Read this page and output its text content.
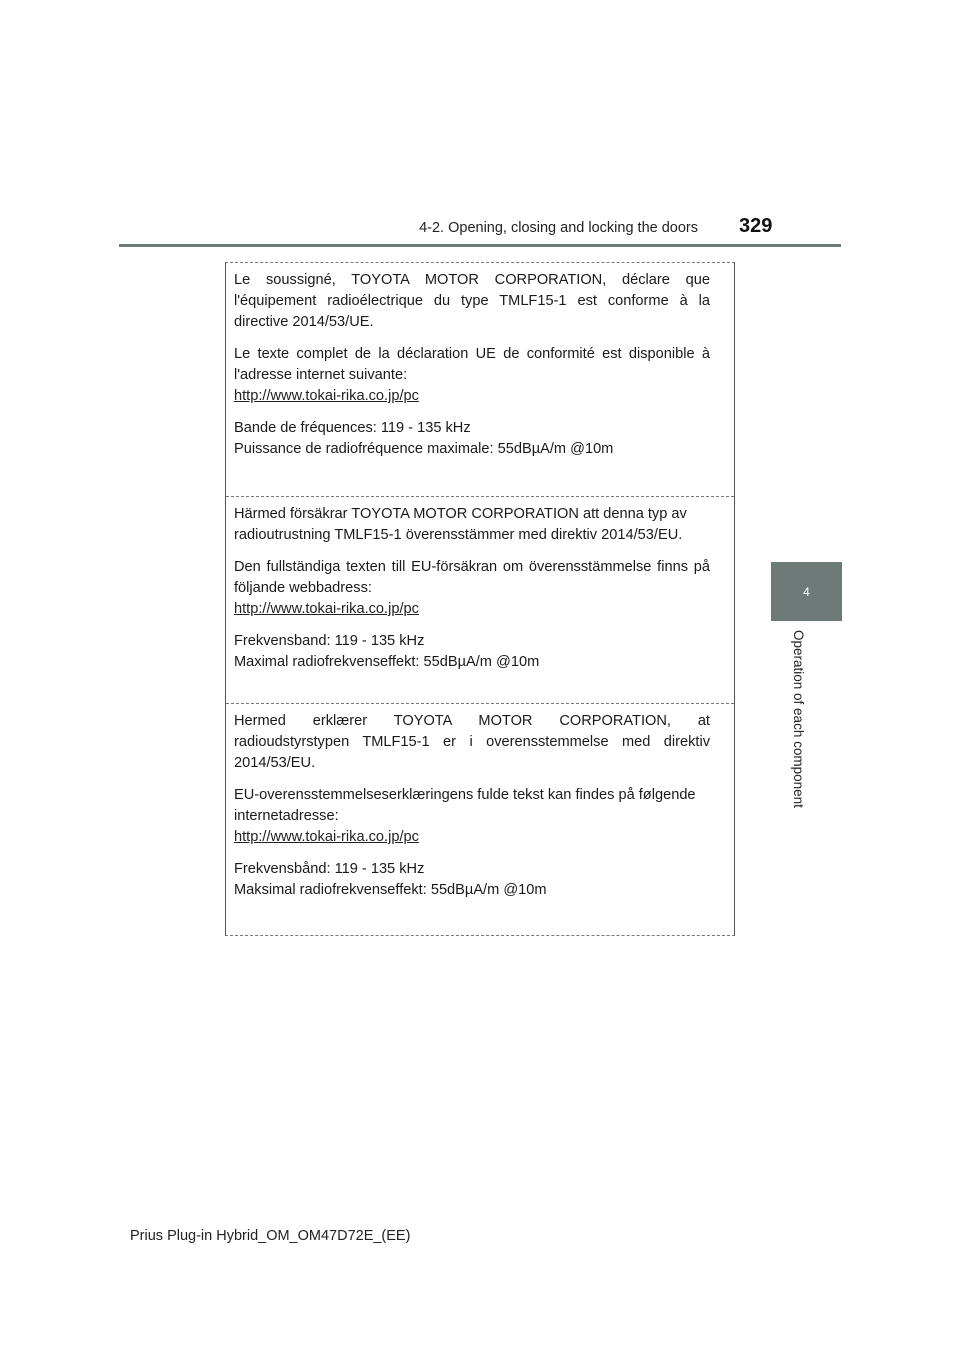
4-2. Opening, closing and locking the doors 329
4
Operation of each component

Le soussigné, TOYOTA MOTOR CORPORATION, déclare que l'équipement radioélectrique du type TMLF15-1 est conforme à la directive 2014/53/UE.

Le texte complet de la déclaration UE de conformité est disponible à l'adresse internet suivante:
http://www.tokai-rika.co.jp/pc

Bande de fréquences: 119 - 135 kHz
Puissance de radiofréquence maximale: 55dBµA/m @10m

Härmed försäkrar TOYOTA MOTOR CORPORATION att denna typ av radioutrustning TMLF15-1 överensstämmer med direktiv 2014/53/EU.

Den fullständiga texten till EU-försäkran om överensstämmelse finns på följande webbadress:
http://www.tokai-rika.co.jp/pc

Frekvensband: 119 - 135 kHz
Maximal radiofrekvenseffekt: 55dBµA/m @10m

Hermed erklærer TOYOTA MOTOR CORPORATION, at radioudstyrstypen TMLF15-1 er i overensstemmelse med direktiv 2014/53/EU.

EU-overensstemmelseserklæringens fulde tekst kan findes på følgende internetadresse:
http://www.tokai-rika.co.jp/pc

Frekvensbånd: 119 - 135 kHz
Maksimal radiofrekvenseffekt: 55dBµA/m @10m

Prius Plug-in Hybrid_OM_OM47D72E_(EE)
